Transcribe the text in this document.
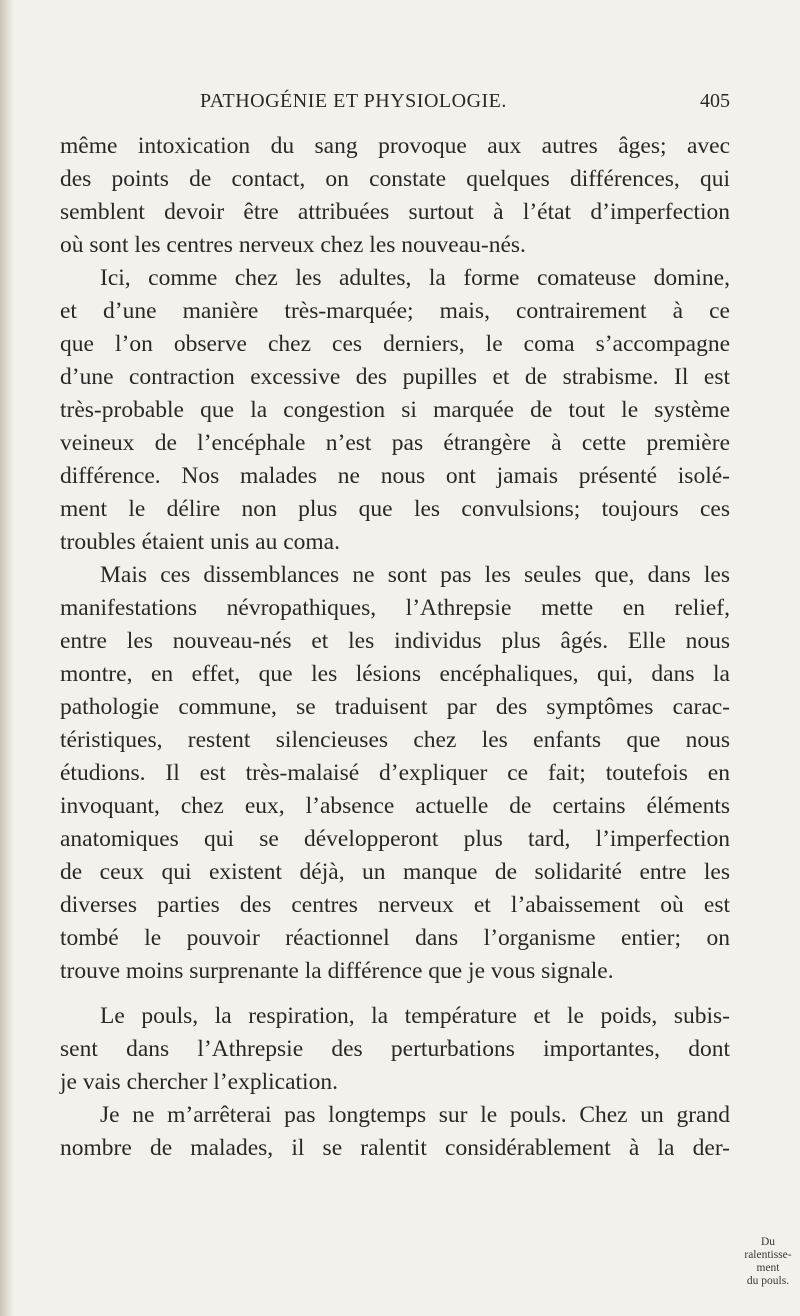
PATHOGÉNIE ET PHYSIOLOGIE.	405
même intoxication du sang provoque aux autres âges; avec
des points de contact, on constate quelques différences, qui
semblent devoir être attribuées surtout à l’état d’imperfection
où sont les centres nerveux chez les nouveau-nés.
Ici, comme chez les adultes, la forme comateuse domine,
et d’une manière très-marquée; mais, contrairement à ce
que l’on observe chez ces derniers, le coma s’accompagne
d’une contraction excessive des pupilles et de strabisme. Il est
très-probable que la congestion si marquée de tout le système
veineux de l’encéphale n’est pas étrangère à cette première
différence. Nos malades ne nous ont jamais présenté isolé-
ment le délire non plus que les convulsions; toujours ces
troubles étaient unis au coma.
Mais ces dissemblances ne sont pas les seules que, dans les
manifestations névropathiques, l’Athrepsie mette en relief,
entre les nouveau-nés et les individus plus âgés. Elle nous
montre, en effet, que les lésions encéphaliques, qui, dans la
pathologie commune, se traduisent par des symptômes carac-
téristiques, restent silencieuses chez les enfants que nous
étudions. Il est très-malaisé d’expliquer ce fait; toutefois en
invoquant, chez eux, l’absence actuelle de certains éléments
anatomiques qui se développeront plus tard, l’imperfection
de ceux qui existent déjà, un manque de solidarité entre les
diverses parties des centres nerveux et l’abaissement où est
tombé le pouvoir réactionnel dans l’organisme entier; on
trouve moins surprenante la différence que je vous signale.
Le pouls, la respiration, la température et le poids, subis-
sent dans l’Athrepsie des perturbations importantes, dont
je vais chercher l’explication.
Je ne m’arrêterai pas longtemps sur le pouls. Chez un grand
nombre de malades, il se ralentit considérablement à la der-
Du ralentisse-
ment
du pouls.
